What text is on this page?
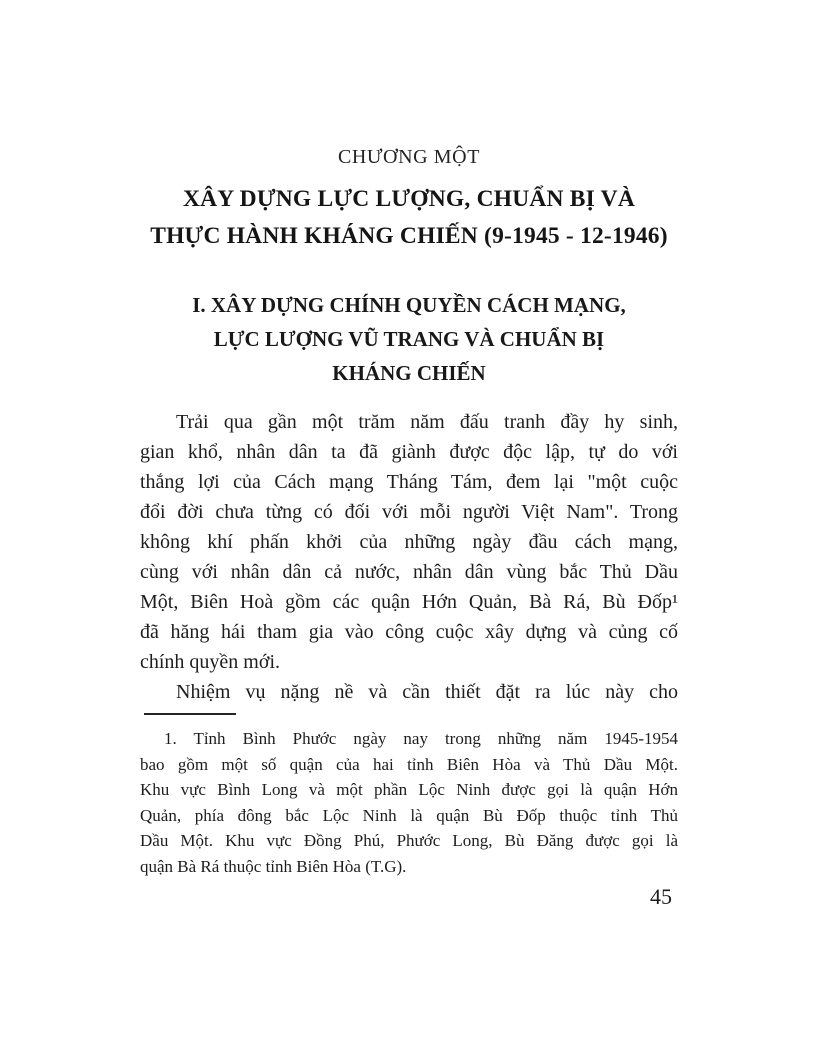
CHƯƠNG MỘT
XÂY DỰNG LỰC LƯỢNG, CHUẨN BỊ VÀ
THỰC HÀNH KHÁNG CHIẾN (9-1945 - 12-1946)
I. XÂY DỰNG CHÍNH QUYỀN CÁCH MẠNG,
LỰC LƯỢNG VŨ TRANG VÀ CHUẨN BỊ
KHÁNG CHIẾN
Trải qua gần một trăm năm đấu tranh đầy hy sinh,
gian khổ, nhân dân ta đã giành được độc lập, tự do với
thắng lợi của Cách mạng Tháng Tám, đem lại "một cuộc
đổi đời chưa từng có đối với mỗi người Việt Nam". Trong
không khí phấn khởi của những ngày đầu cách mạng,
cùng với nhân dân cả nước, nhân dân vùng bắc Thủ Dầu
Một, Biên Hoà gồm các quận Hớn Quản, Bà Rá, Bù Đốp¹
đã hăng hái tham gia vào công cuộc xây dựng và củng cố
chính quyền mới.
Nhiệm vụ nặng nề và cần thiết đặt ra lúc này cho
1. Tỉnh Bình Phước ngày nay trong những năm 1945-1954
bao gồm một số quận của hai tỉnh Biên Hòa và Thủ Dầu Một.
Khu vực Bình Long và một phần Lộc Ninh được gọi là quận Hớn
Quản, phía đông bắc Lộc Ninh là quận Bù Đốp thuộc tỉnh Thủ
Dầu Một. Khu vực Đồng Phú, Phước Long, Bù Đăng được gọi là
quận Bà Rá thuộc tỉnh Biên Hòa (T.G).
45
